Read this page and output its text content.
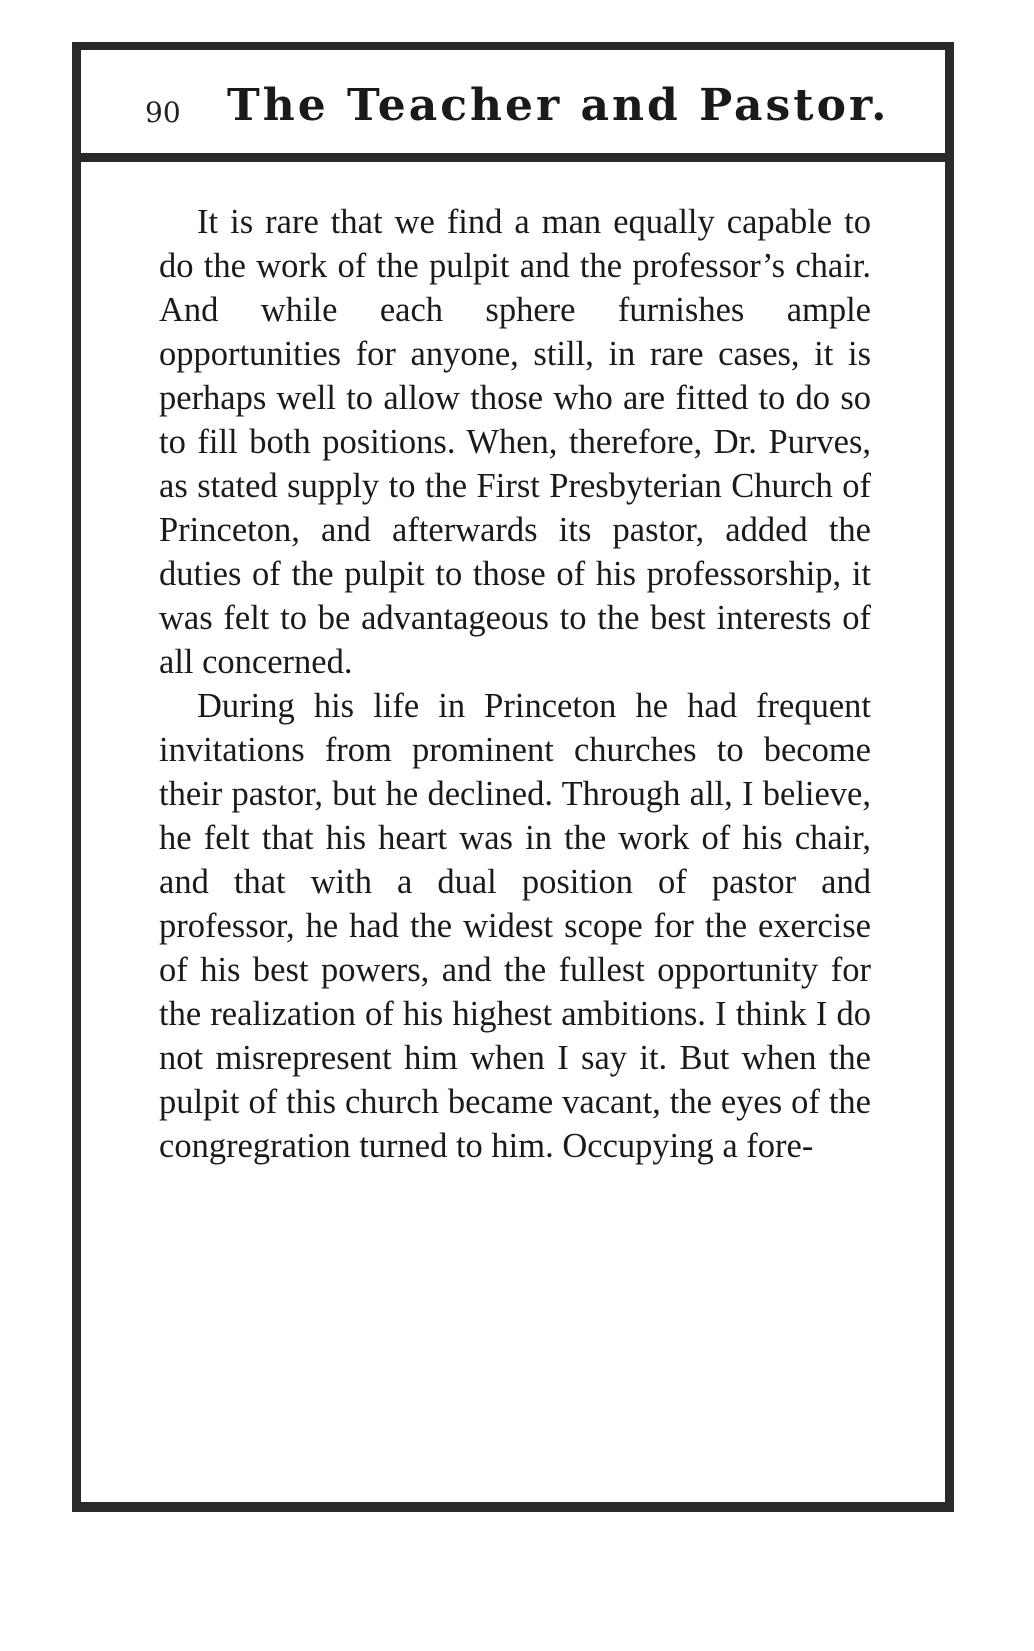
90 The Teacher and Pastor.

It is rare that we find a man equally capable to do the work of the pulpit and the professor’s chair. And while each sphere furnishes ample opportunities for anyone, still, in rare cases, it is perhaps well to allow those who are fitted to do so to fill both positions. When, therefore, Dr. Purves, as stated supply to the First Presbyterian Church of Princeton, and afterwards its pastor, added the duties of the pulpit to those of his professorship, it was felt to be advantageous to the best interests of all concerned.

During his life in Princeton he had frequent invitations from prominent churches to become their pastor, but he declined. Through all, I believe, he felt that his heart was in the work of his chair, and that with a dual position of pastor and professor, he had the widest scope for the exercise of his best powers, and the fullest opportunity for the realization of his highest ambitions. I think I do not misrepresent him when I say it. But when the pulpit of this church became vacant, the eyes of the congregration turned to him. Occupying a fore-
